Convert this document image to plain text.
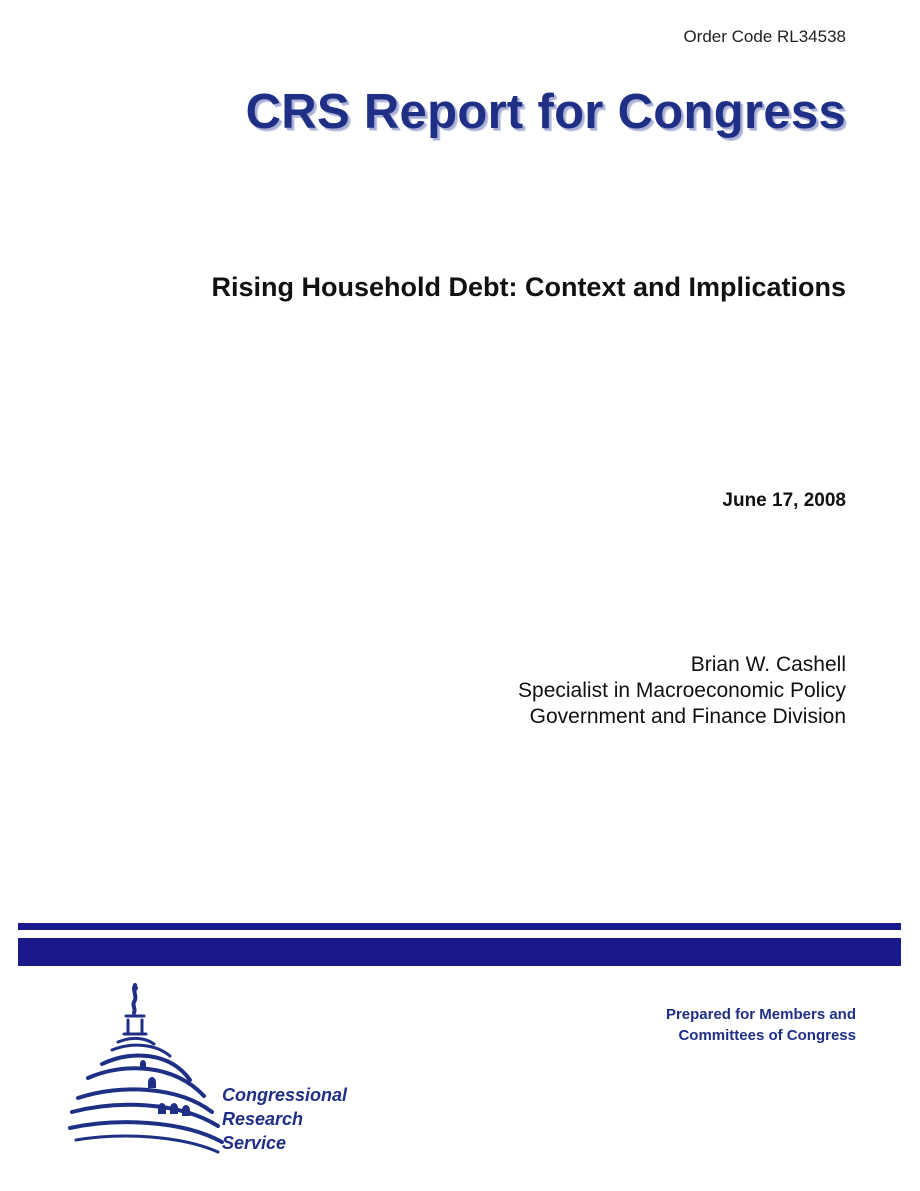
Order Code RL34538
CRS Report for Congress
Rising Household Debt: Context and Implications
June 17, 2008
Brian W. Cashell
Specialist in Macroeconomic Policy
Government and Finance Division
Prepared for Members and
Committees of Congress
Congressional
Research
Service
